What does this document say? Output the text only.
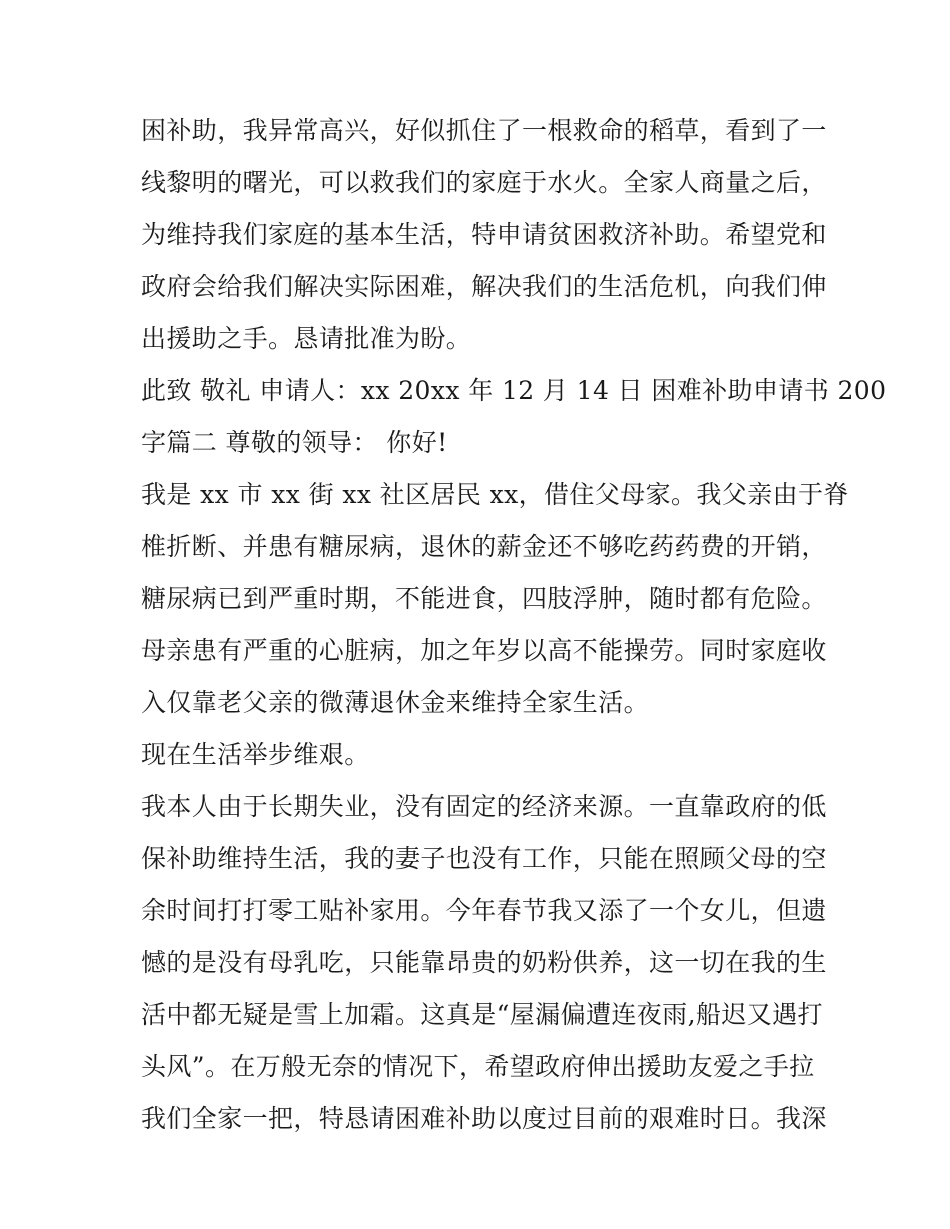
困补助，我异常高兴，好似抓住了一根救命的稻草，看到了一
线黎明的曙光，可以救我们的家庭于水火。全家人商量之后，
为维持我们家庭的基本生活，特申请贫困救济补助。希望党和
政府会给我们解决实际困难，解决我们的生活危机，向我们伸
出援助之手。恳请批准为盼。
此致 敬礼 申请人：xx 20xx 年 12 月 14 日 困难补助申请书 200
字篇二 尊敬的领导： 你好!
我是 xx 市 xx 街 xx 社区居民 xx，借住父母家。我父亲由于脊
椎折断、并患有糖尿病，退休的薪金还不够吃药药费的开销，
糖尿病已到严重时期，不能进食，四肢浮肿，随时都有危险。
母亲患有严重的心脏病，加之年岁以高不能操劳。同时家庭收
入仅靠老父亲的微薄退休金来维持全家生活。
现在生活举步维艰。
我本人由于长期失业，没有固定的经济来源。一直靠政府的低
保补助维持生活，我的妻子也没有工作，只能在照顾父母的空
余时间打打零工贴补家用。今年春节我又添了一个女儿，但遗
憾的是没有母乳吃，只能靠昂贵的奶粉供养，这一切在我的生
活中都无疑是雪上加霜。这真是“屋漏偏遭连夜雨,船迟又遇打
头风”。在万般无奈的情况下，希望政府伸出援助友爱之手拉
我们全家一把，特恳请困难补助以度过目前的艰难时日。我深
